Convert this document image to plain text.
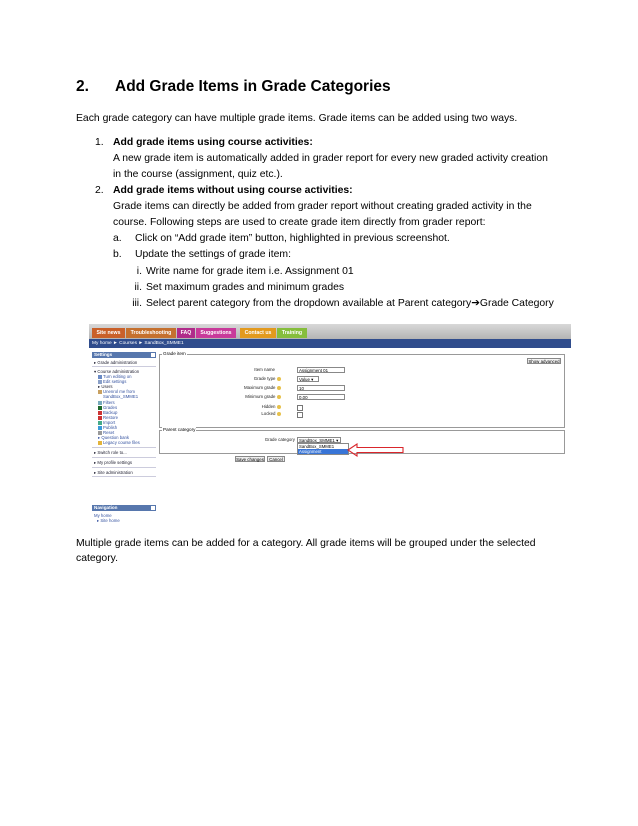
2. Add Grade Items in Grade Categories
Each grade category can have multiple grade items. Grade items can be added using two ways.
1. Add grade items using course activities:
A new grade item is automatically added in grader report for every new graded activity creation
in the course (assignment, quiz etc.).
2. Add grade items without using course activities:
Grade items can directly be added from grader report without creating graded activity in the
course. Following steps are used to create grade item directly from grader report:
a. Click on “Add grade item” button, highlighted in previous screenshot.
b. Update the settings of grade item:
i. Write name for grade item i.e. Assignment 01
ii. Set maximum grades and minimum grades
iii. Select parent category from the dropdown available at Parent category➔Grade Category
Site news	Troubleshooting	FAQ	Suggestions	Contact us	Training
My home ► Courses ► SandBox_SMME1
Settings
▸ Grade administration
▾ Course administration
Turn editing on
Edit settings
▸ Users
Unenrol me from
SandBox_SMME1
Filters
Grades
Backup
Restore
Import
Publish
Reset
▸ Question bank
Legacy course files
▸ Switch role to...
▸ My profile settings
▸ Site administration
Navigation
My home
▸ Site home
Grade item
Show advanced
Item name	Assignment 01
Grade type	Value ▾
Maximum grade	10
Minimum grade	0.00
Hidden
Locked
Parent category
Grade category SandBox_SMME1 ▾
SandBox_SMME1
Assignment
Save changes	Cancel
Multiple grade items can be added for a category. All grade items will be grouped under the selected
category.
